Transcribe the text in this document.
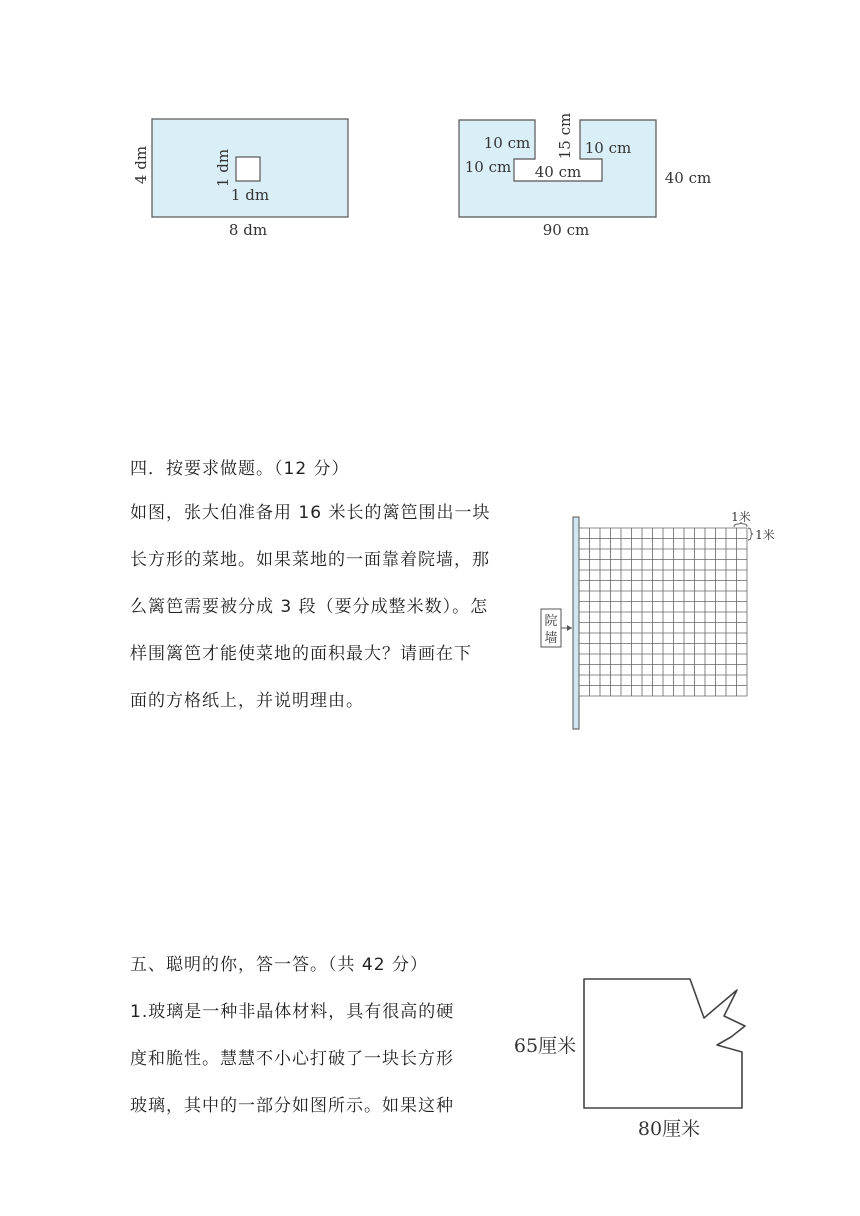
4 dm
8 dm
1 dm
1 dm
10 cm
10 cm
15 cm 10 cm
40 cm	40 cm
90 cm
四．按要求做题。（12 分）
如图，张大伯准备用 16 米长的篱笆围出一块
长方形的菜地。如果菜地的一面靠着院墙，那
么篱笆需要被分成 3 段（要分成整米数）。怎
样围篱笆才能使菜地的面积最大？请画在下
面的方格纸上，并说明理由。
院
墙
1米
1米
五、聪明的你，答一答。（共 42 分）
1.玻璃是一种非晶体材料，具有很高的硬
度和脆性。慧慧不小心打破了一块长方形
玻璃，其中的一部分如图所示。如果这种
65厘米
80厘米
